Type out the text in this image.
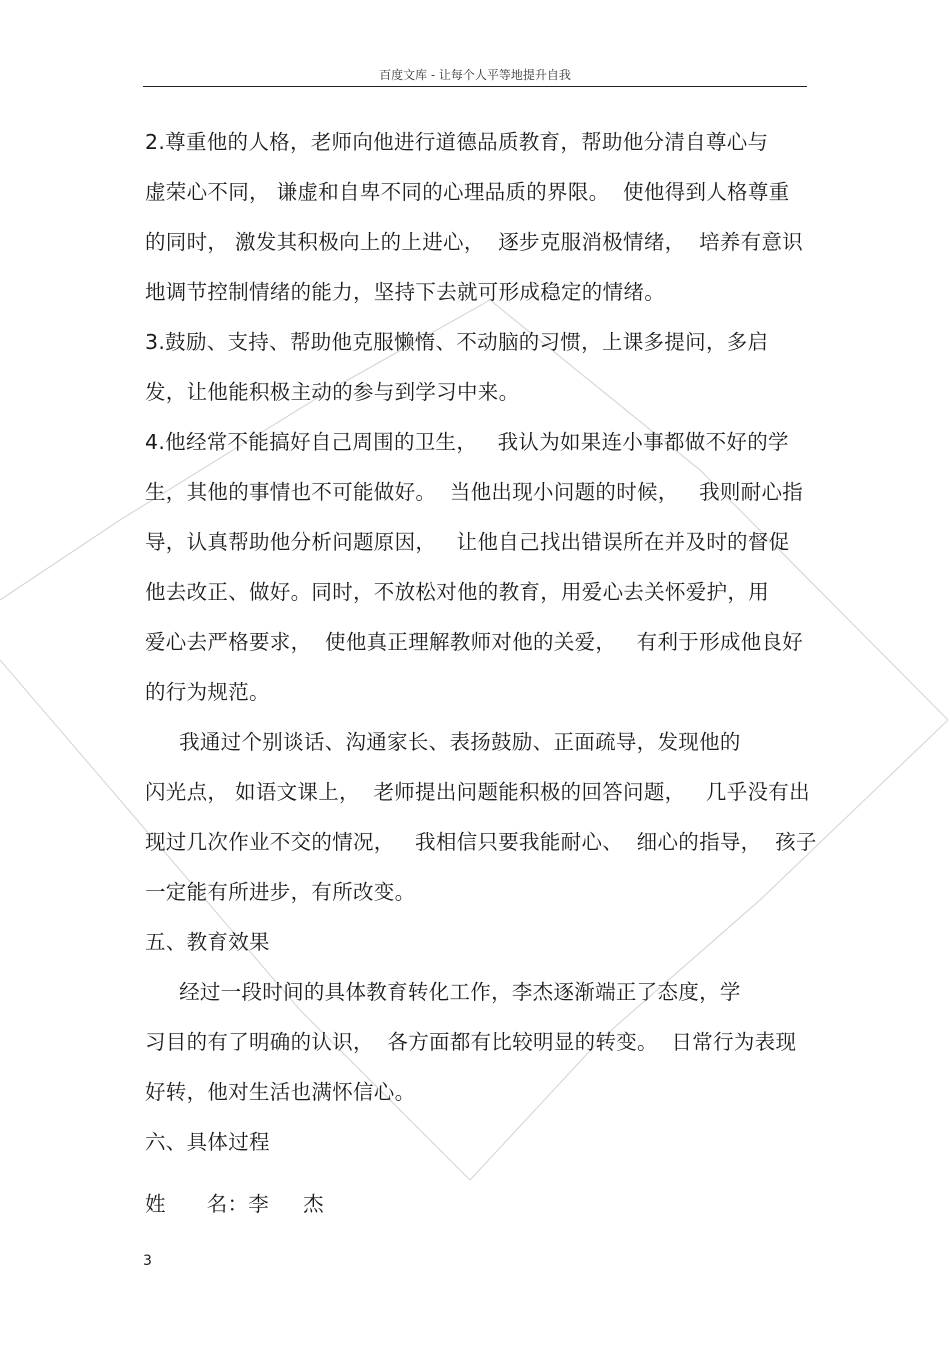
百度文库 - 让每个人平等地提升自我
2.尊重他的人格，老师向他进行道德品质教育，帮助他分清自尊心与
虚荣心不同， 谦虚和自卑不同的心理品质的界限。  使他得到人格尊重
的同时， 激发其积极向上的上进心，  逐步克服消极情绪，  培养有意识
地调节控制情绪的能力，坚持下去就可形成稳定的情绪。
3.鼓励、支持、帮助他克服懒惰、不动脑的习惯，上课多提问，多启
发，让他能积极主动的参与到学习中来。
4.他经常不能搞好自己周围的卫生，   我认为如果连小事都做不好的学
生，其他的事情也不可能做好。  当他出现小问题的时候，   我则耐心指
导，认真帮助他分析问题原因，   让他自己找出错误所在并及时的督促
他去改正、做好。同时，不放松对他的教育，用爱心去关怀爱护，用
爱心去严格要求，  使他真正理解教师对他的关爱，   有利于形成他良好
的行为规范。
我通过个别谈话、沟通家长、表扬鼓励、正面疏导，发现他的
闪光点， 如语文课上，  老师提出问题能积极的回答问题，   几乎没有出
现过几次作业不交的情况，   我相信只要我能耐心、  细心的指导，  孩子
一定能有所进步，有所改变。
五、教育效果
经过一段时间的具体教育转化工作，李杰逐渐端正了态度，学
习目的有了明确的认识，  各方面都有比较明显的转变。  日常行为表现
好转，他对生活也满怀信心。
六、具体过程
姓      名：李     杰
3
